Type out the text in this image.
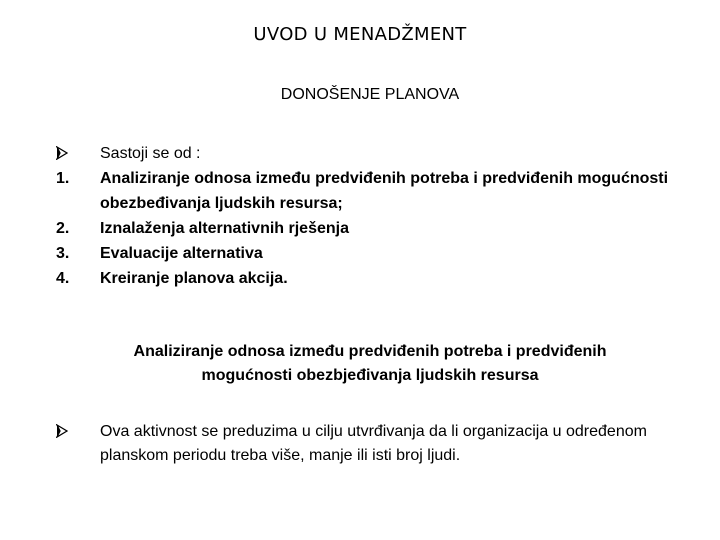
UVOD U MENADŽMENT
DONOŠENJE PLANOVA
Sastoji se od :
1.	Analiziranje odnosa između predviđenih potreba i predviđenih mogućnosti obezbeđivanja ljudskih resursa;
2.	Iznalaženja alternativnih rješenja
3.	Evaluacije alternativa
4.	Kreiranje planova akcija.
Analiziranje odnosa između predviđenih potreba i predviđenih
mogućnosti obezbjeđivanja ljudskih resursa
Ova aktivnost se preduzima u cilju utvrđivanja da li organizacija u određenom planskom periodu treba više, manje ili isti broj ljudi.
